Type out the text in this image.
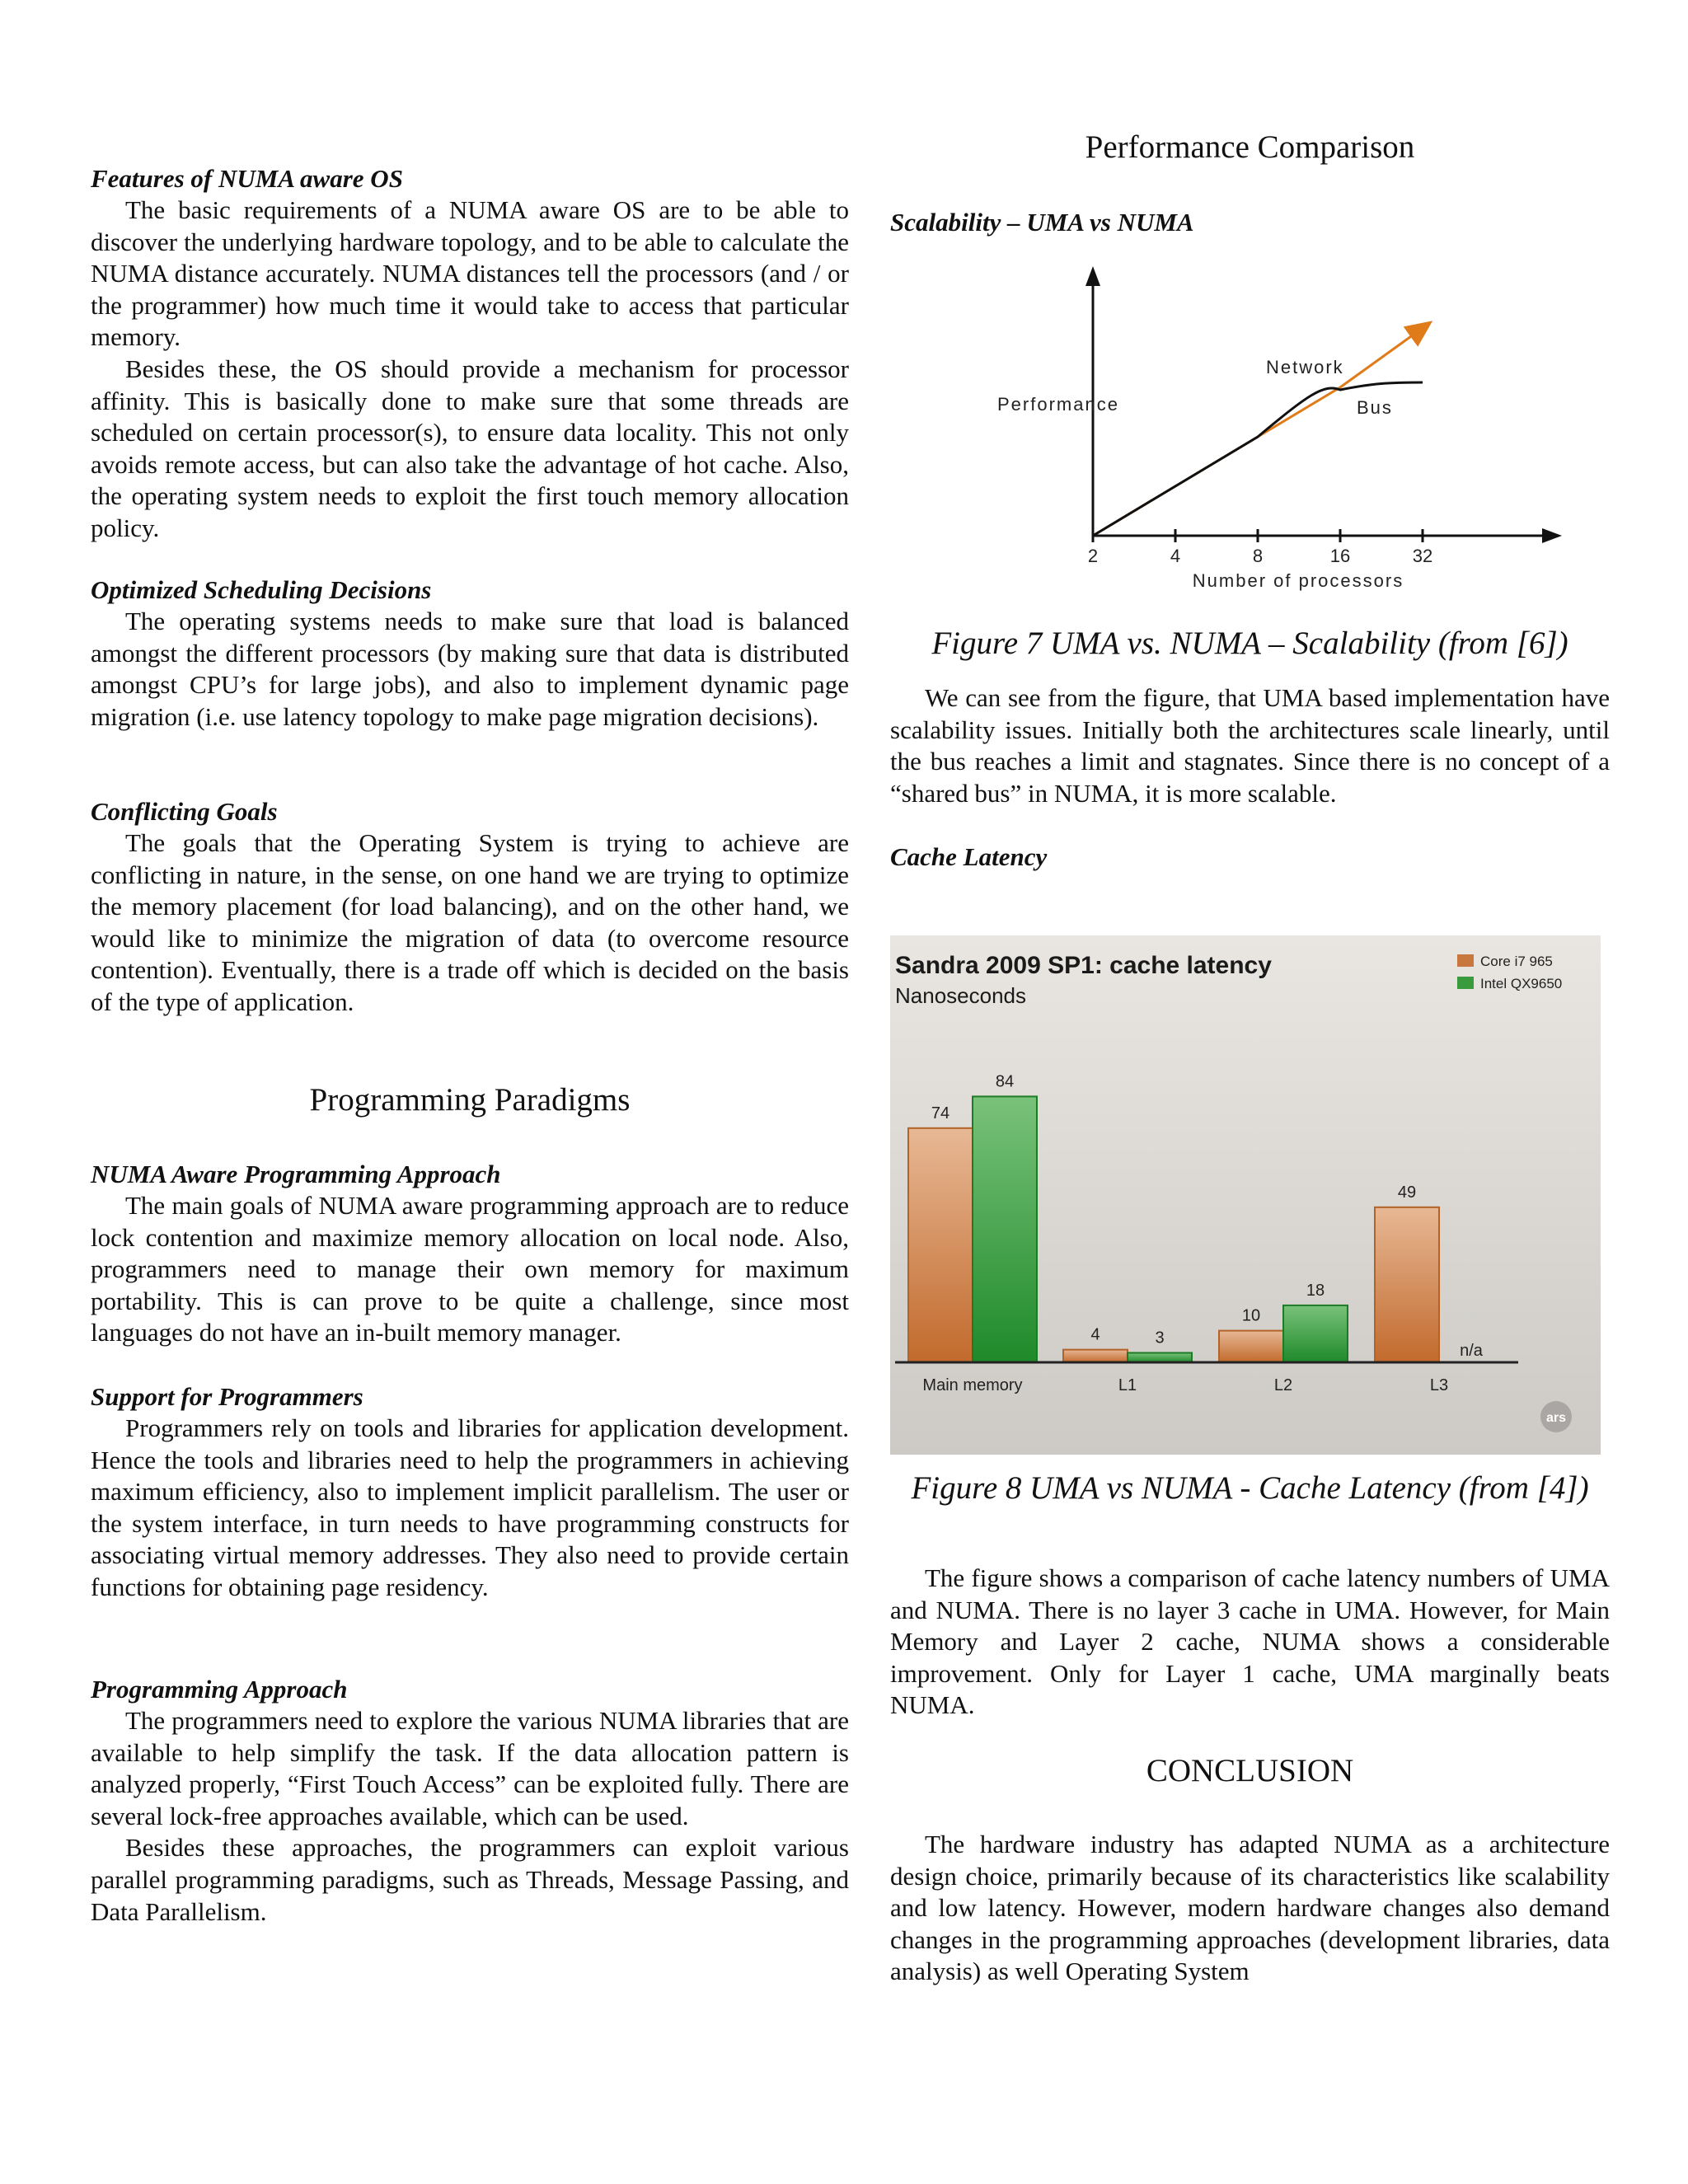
Features of NUMA aware OS

The basic requirements of a NUMA aware OS are to be able to discover the underlying hardware topology, and to be able to calculate the NUMA distance accurately. NUMA distances tell the processors (and / or the programmer) how much time it would take to access that particular memory.

Besides these, the OS should provide a mechanism for processor affinity. This is basically done to make sure that some threads are scheduled on certain processor(s), to ensure data locality. This not only avoids remote access, but can also take the advantage of hot cache. Also, the operating system needs to exploit the first touch memory allocation policy.

Optimized Scheduling Decisions

The operating systems needs to make sure that load is balanced amongst the different processors (by making sure that data is distributed amongst CPU’s for large jobs), and also to implement dynamic page migration (i.e. use latency topology to make page migration decisions).

Conflicting Goals

The goals that the Operating System is trying to achieve are conflicting in nature, in the sense, on one hand we are trying to optimize the memory placement (for load balancing), and on the other hand, we would like to minimize the migration of data (to overcome resource contention). Eventually, there is a trade off which is decided on the basis of the type of application.

Programming Paradigms
NUMA Aware Programming Approach

The main goals of NUMA aware programming approach are to reduce lock contention and maximize memory allocation on local node. Also, programmers need to manage their own memory for maximum portability. This is can prove to be quite a challenge, since most languages do not have an in-built memory manager.

Support for Programmers

Programmers rely on tools and libraries for application development. Hence the tools and libraries need to help the programmers in achieving maximum efficiency, also to implement implicit parallelism. The user or the system interface, in turn needs to have programming constructs for associating virtual memory addresses. They also need to provide certain functions for obtaining page residency.

Programming Approach

The programmers need to explore the various NUMA libraries that are available to help simplify the task. If the data allocation pattern is analyzed properly, “First Touch Access” can be exploited fully. There are several lock-free approaches available, which can be used.

Besides these approaches, the programmers can exploit various parallel programming paradigms, such as Threads, Message Passing, and Data Parallelism.

Performance Comparison
Scalability – UMA vs NUMA
Network
Bus
2	4	8	16	32
Performance
Number of processors

Figure 7 UMA vs. NUMA – Scalability (from [6])

We can see from the figure, that UMA based implementation have scalability issues. Initially both the architectures scale linearly, until the bus reaches a limit and stagnates. Since there is no concept of a “shared bus” in NUMA, it is more scalable.

Cache Latency
Sandra 2009 SP1: cache latency
Nanoseconds
Core i7 965
Intel QX9650
74
84
4	3
10
18
49
n/a
Main memory	L1	L2	L3
ars

Figure 8 UMA vs NUMA - Cache Latency (from [4])

The figure shows a comparison of cache latency numbers of UMA and NUMA. There is no layer 3 cache in UMA. However, for Main Memory and Layer 2 cache, NUMA shows a considerable improvement. Only for Layer 1 cache, UMA marginally beats NUMA.

CONCLUSION

The hardware industry has adapted NUMA as a architecture design choice, primarily because of its characteristics like scalability and low latency. However, modern hardware changes also demand changes in the programming approaches (development libraries, data analysis) as well Operating System
